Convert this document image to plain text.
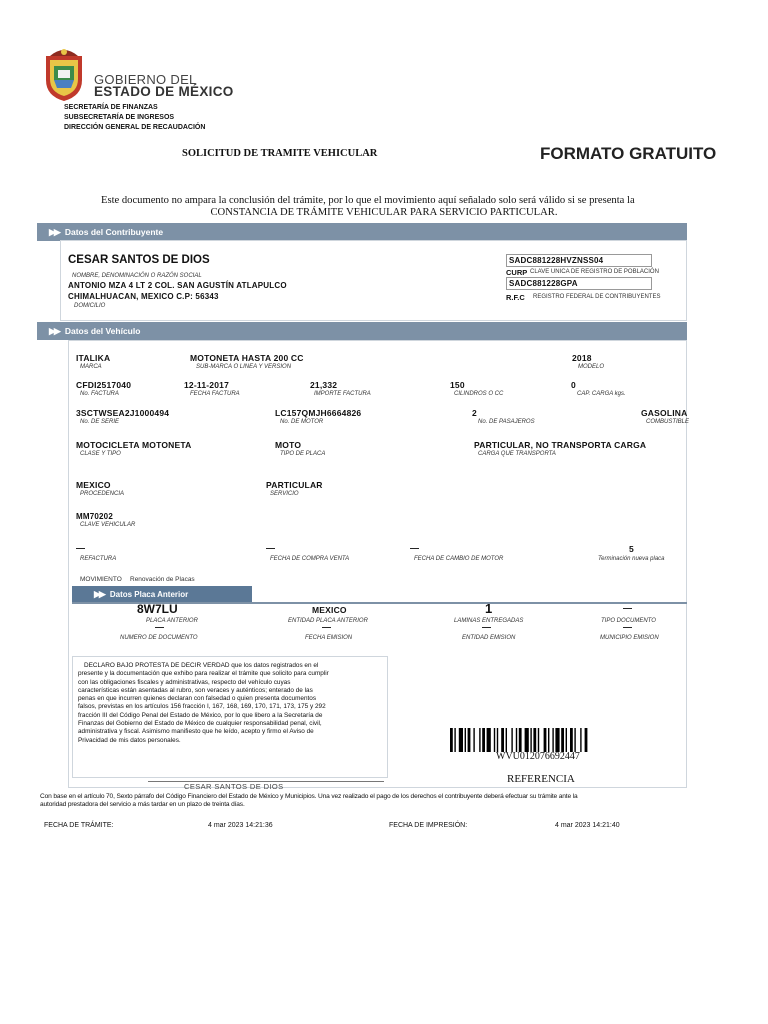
GOBIERNO DEL
ESTADO DE MÉXICO
SECRETARÍA DE FINANZAS
SUBSECRETARÍA DE INGRESOS
DIRECCIÓN GENERAL DE RECAUDACIÓN
SOLICITUD DE TRAMITE VEHICULAR	FORMATO GRATUITO
Este documento no ampara la conclusión del trámite, por lo que el movimiento aquí señalado solo será válido si se presenta la
CONSTANCIA DE TRÁMITE VEHICULAR PARA SERVICIO PARTICULAR.
▶▶ Datos del Contribuyente
CESAR SANTOS DE DIOS
NOMBRE, DENOMINACIÓN O RAZÓN SOCIAL
ANTONIO MZA 4 LT 2 COL. SAN AGUSTÍN ATLAPULCO
CHIMALHUACAN, MEXICO C.P: 56343
DOMICILIO
SADC881228HVZNSS04
CURP CLAVE UNICA DE REGISTRO DE POBLACIÓN
SADC881228GPA
R.F.C REGISTRO FEDERAL DE CONTRIBUYENTES
▶▶ Datos del Vehículo
ITALIKA
MARCA
MOTONETA HASTA 200 CC
SUB-MARCA O LINEA Y VERSION
2018
MODELO
CFDI2517040
No. FACTURA
12-11-2017
FECHA FACTURA
21,332
IMPORTE FACTURA
150
CILINDROS O CC
0
CAP. CARGA kgs.
3SCTWSEA2J1000494
No. DE SERIE
LC157QMJH6664826
No. DE MOTOR
2
No. DE PASAJEROS
GASOLINA
COMBUSTIBLE
MOTOCICLETA MOTONETA
CLASE Y TIPO
MOTO
TIPO DE PLACA
PARTICULAR, NO TRANSPORTA CARGA
CARGA QUE TRANSPORTA
MEXICO
PROCEDENCIA
PARTICULAR
SERVICIO
MM70202
CLAVE VEHICULAR
—
REFACTURA
—
FECHA DE COMPRA VENTA
—
FECHA DE CAMBIO DE MOTOR
5
Terminación nueva placa
MOVIMIENTO Renovación de Placas
▶▶ Datos Placa Anterior
8W7LU
PLACA ANTERIOR
MEXICO
ENTIDAD PLACA ANTERIOR
1
LAMINAS ENTREGADAS
—
TIPO DOCUMENTO
—
NUMERO DE DOCUMENTO
—
FECHA EMISION
—
ENTIDAD EMISION
—
MUNICIPIO EMISION
DECLARO BAJO PROTESTA DE DECIR VERDAD que los datos registrados en el
presente y la documentación que exhibo para realizar el trámite que solicito para cumplir
con las obligaciones fiscales y administrativas, respecto del vehículo cuyas
características están asentadas al rubro, son veraces y auténticos; enterado de las
penas en que incurren quienes declaran con falsedad o quien presenta documentos
falsos, previstas en los artículos 156 fracción I, 167, 168, 169, 170, 171, 173, 175 y 292
fracción III del Código Penal del Estado de México, por lo que libero a la Secretaría de
Finanzas del Gobierno del Estado de México de cualquier responsabilidad penal, civil,
administrativa y fiscal. Asimismo manifiesto que he leído, acepto y firmo el Aviso de
Privacidad de mis datos personales.
WVU012076692447
REFERENCIA
CESAR SANTOS DE DIOS
Con base en el artículo 70, Sexto párrafo del Código Financiero del Estado de México y Municipios. Una vez realizado el pago de los derechos el contribuyente deberá efectuar su trámite ante la
autoridad prestadora del servicio a más tardar en un plazo de treinta días.
FECHA DE TRÁMITE:	4 mar 2023 14:21:36	FECHA DE IMPRESIÓN:	4 mar 2023 14:21:40
